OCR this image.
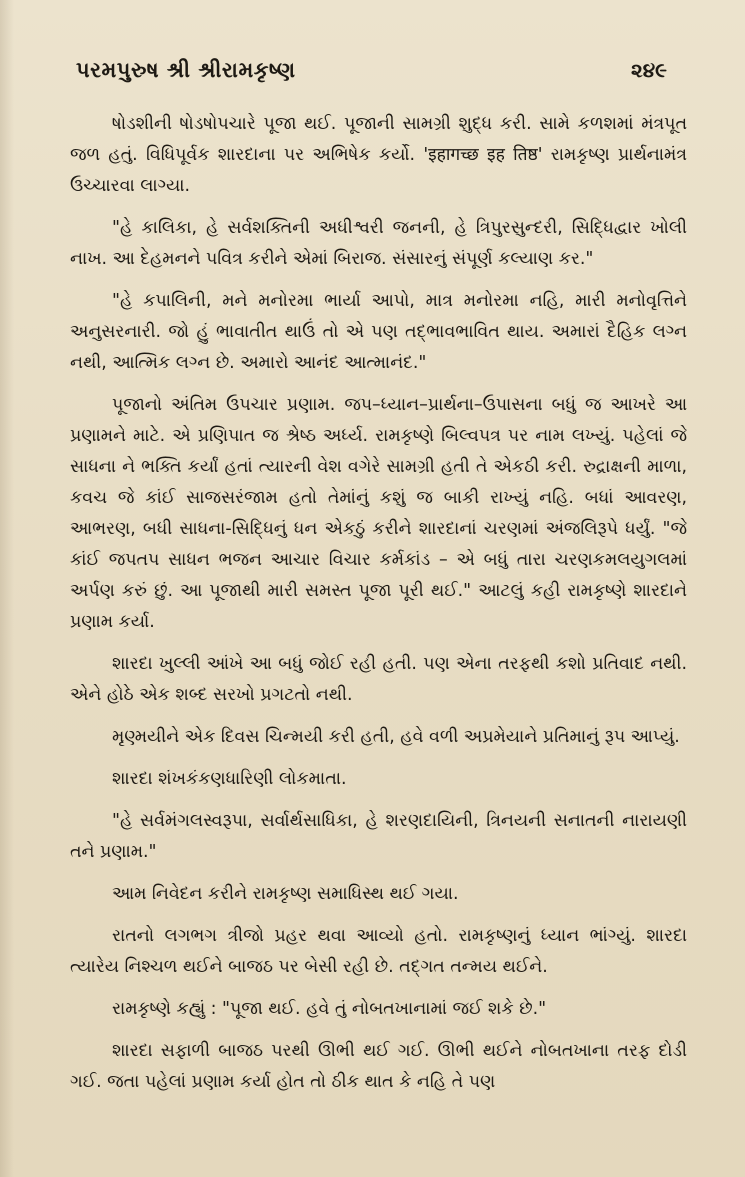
પરમપુરુષ શ્રી શ્રીરામકૃષ્ણ	૨૪૯

ષોડશીની ષોડષોપચારે પૂજા થઈ. પૂજાની સામગ્રી શુદ્ધ કરી. સામે કળશમાં મંત્રપૂત જળ હતું. વિધિપૂર્વક શારદાના પર અભિષેક કર્યો. 'इहागच्छ इह तिष्ठ' રામકૃષ્ણ પ્રાર્થનામંત્ર ઉચ્ચારવા લાગ્યા.

"હે કાલિકા, હે સર્વશક્તિની અધીશ્વરી જનની, હે ત્રિપુરસુન્દરી, સિદ્ધિદ્વાર ખોલી નાખ. આ દેહમનને પવિત્ર કરીને એમાં બિરાજ. સંસારનું સંપૂર્ણ કલ્યાણ કર."

"હે કપાલિની, મને મનોરમા ભાર્યા આપો, માત્ર મનોરમા નહિ, મારી મનોવૃત્તિને અનુસરનારી. જો હું ભાવાતીત થાઉં તો એ પણ તદ્ભાવભાવિત થાય. અમારાં દૈહિક લગ્ન નથી, આત્મિક લગ્ન છે. અમારો આનંદ આત્માનંદ."

પૂજાનો અંતિમ ઉપચાર પ્રણામ. જપ–ધ્યાન–પ્રાર્થના–ઉપાસના બધું જ આખરે આ પ્રણામને માટે. એ પ્રણિપાત જ શ્રેષ્ઠ અર્ધ્ય. રામકૃષ્ણે બિલ્વપત્ર પર નામ લખ્યું. પહેલાં જે સાધના ને ભક્તિ કર્યાં હતાં ત્યારની વેશ વગેરે સામગ્રી હતી તે એકઠી કરી. રુદ્રાક્ષની માળા, કવચ જે કાંઈ સાજસરંજામ હતો તેમાંનું કશું જ બાકી રાખ્યું નહિ. બધાં આવરણ, આભરણ, બધી સાધના-સિદ્ધિનું ધન એકઠું કરીને શારદાનાં ચરણમાં અંજલિરૂપે ધર્યું. "જે કાંઈ જપતપ સાધન ભજન આચાર વિચાર કર્મકાંડ – એ બધું તારા ચરણકમલયુગલમાં અર્પણ કરું છું. આ પૂજાથી મારી સમસ્ત પૂજા પૂરી થઈ." આટલું કહી રામકૃષ્ણે શારદાને પ્રણામ કર્યા.

શારદા ખુલ્લી આંખે આ બધું જોઈ રહી હતી. પણ એના તરફથી કશો પ્રતિવાદ નથી. એને હોઠે એક શબ્દ સરખો પ્રગટતો નથી.

મૃણ્મયીને એક દિવસ ચિન્મયી કરી હતી, હવે વળી અપ્રમેયાને પ્રતિમાનું રૂપ આપ્યું.

શારદા શંખકંકણધારિણી લોકમાતા.

"હે સર્વમંગલસ્વરૂપા, સર્વાર્થસાધિકા, હે શરણદાયિની, ત્રિનયની સનાતની નારાયણી તને પ્રણામ."

આમ નિવેદન કરીને રામકૃષ્ણ સમાધિસ્થ થઈ ગયા.

રાતનો લગભગ ત્રીજો પ્રહર થવા આવ્યો હતો. રામકૃષ્ણનું ધ્યાન ભાંગ્યું. શારદા ત્યારેય નિશ્ચળ થઈને બાજઠ પર બેસી રહી છે. તદ્ગત તન્મય થઈને.

રામકૃષ્ણે કહ્યું : "પૂજા થઈ. હવે તું નોબતખાનામાં જઈ શકે છે."

શારદા સફાળી બાજઠ પરથી ઊભી થઈ ગઈ. ઊભી થઈને નોબતખાના તરફ દોડી ગઈ. જતા પહેલાં પ્રણામ કર્યા હોત તો ઠીક થાત કે નહિ તે પણ
